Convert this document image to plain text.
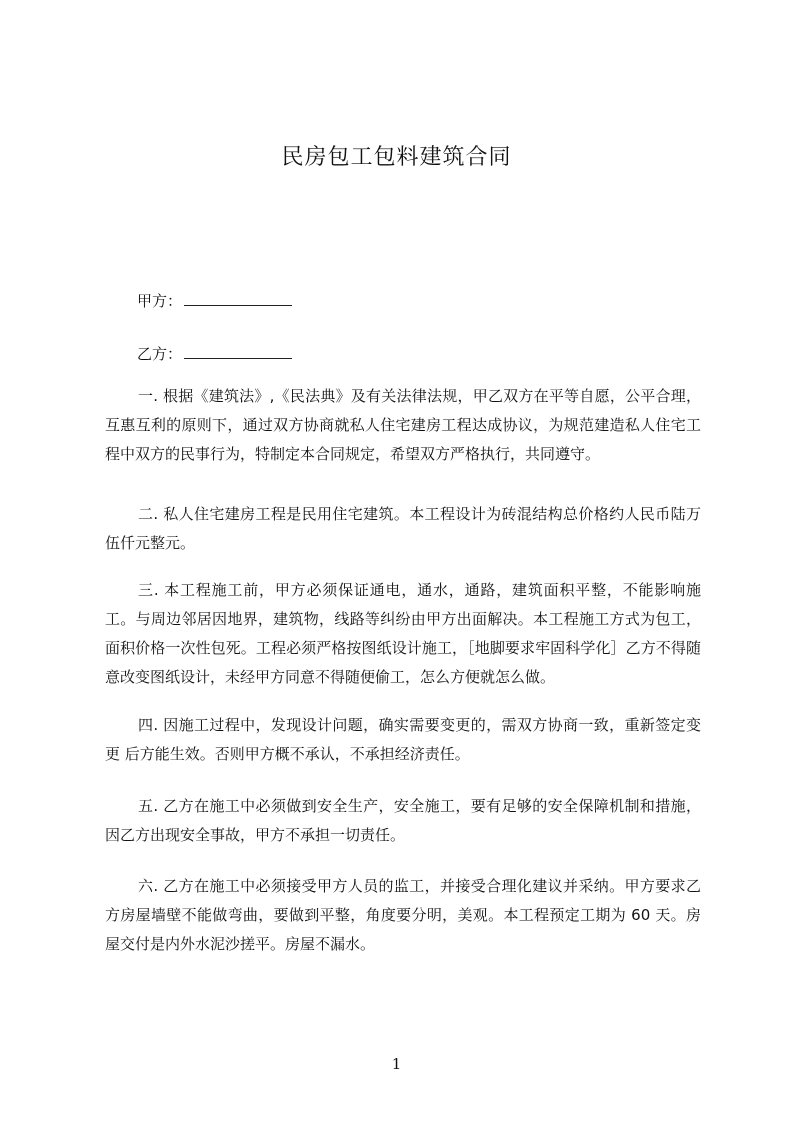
民房包工包料建筑合同
甲方：
乙方：

一. 根据《建筑法》,《民法典》及有关法律法规，甲乙双方在平等自愿，公平合理，互惠互利的原则下，通过双方协商就私人住宅建房工程达成协议，为规范建造私人住宅工程中双方的民事行为，特制定本合同规定，希望双方严格执行，共同遵守。

二. 私人住宅建房工程是民用住宅建筑。本工程设计为砖混结构总价格约人民币陆万伍仟元整元。

三. 本工程施工前，甲方必须保证通电，通水，通路，建筑面积平整，不能影响施工。与周边邻居因地界，建筑物，线路等纠纷由甲方出面解决。本工程施工方式为包工，面积价格一次性包死。工程必须严格按图纸设计施工，［地脚要求牢固科学化］乙方不得随意改变图纸设计，未经甲方同意不得随便偷工，怎么方便就怎么做。

四. 因施工过程中，发现设计问题，确实需要变更的，需双方协商一致，重新签定变更 后方能生效。否则甲方概不承认，不承担经济责任。

五. 乙方在施工中必须做到安全生产，安全施工，要有足够的安全保障机制和措施，因乙方出现安全事故，甲方不承担一切责任。

六. 乙方在施工中必须接受甲方人员的监工，并接受合理化建议并采纳。甲方要求乙方房屋墙壁不能做弯曲，要做到平整，角度要分明，美观。本工程预定工期为 60 天。房屋交付是内外水泥沙搓平。房屋不漏水。

1
